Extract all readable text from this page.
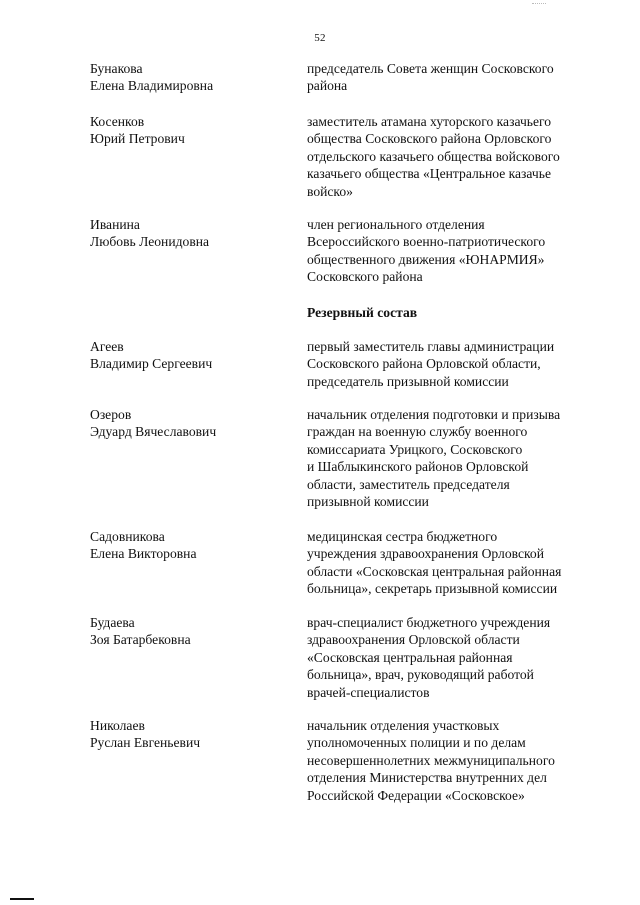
52
Бунакова
Елена Владимировна
председатель Совета женщин Сосковского
района
Косенков
Юрий Петрович
заместитель атамана хуторского казачьего
общества Сосковского района Орловского
отдельского казачьего общества войскового
казачьего общества «Центральное казачье
войско»
Иванина
Любовь Леонидовна
член регионального отделения
Всероссийского военно-патриотического
общественного движения «ЮНАРМИЯ»
Сосковского района
Резервный состав
Агеев
Владимир Сергеевич
первый заместитель главы администрации
Сосковского района Орловской области,
председатель призывной комиссии
Озеров
Эдуард Вячеславович
начальник отделения подготовки и призыва
граждан на военную службу военного
комиссариата Урицкого, Сосковского
и Шаблыкинского районов Орловской
области, заместитель председателя
призывной комиссии
Садовникова
Елена Викторовна
медицинская сестра бюджетного
учреждения здравоохранения Орловской
области «Сосковская центральная районная
больница», секретарь призывной комиссии
Будаева
Зоя Батарбековна
врач-специалист бюджетного учреждения
здравоохранения Орловской области
«Сосковская центральная районная
больница», врач, руководящий работой
врачей-специалистов
Николаев
Руслан Евгеньевич
начальник отделения участковых
уполномоченных полиции и по делам
несовершеннолетних межмуниципального
отделения Министерства внутренних дел
Российской Федерации «Сосковское»
